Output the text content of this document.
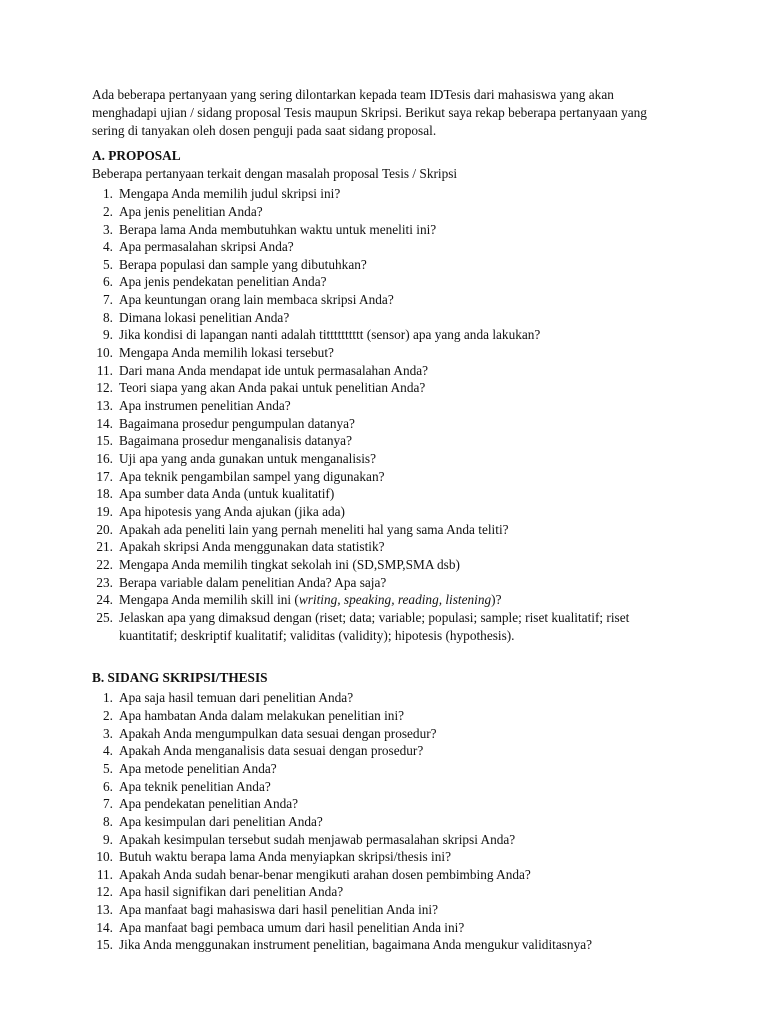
Ada beberapa pertanyaan yang sering dilontarkan kepada team IDTesis dari mahasiswa yang akan menghadapi ujian / sidang proposal Tesis maupun Skripsi. Berikut saya rekap beberapa pertanyaan yang sering di tanyakan oleh dosen penguji pada saat sidang proposal.

A. PROPOSAL

Beberapa pertanyaan terkait dengan masalah proposal Tesis / Skripsi

1 . Mengapa Anda memilih judul skripsi ini?
2 . Apa jenis penelitian Anda?
3 . Berapa lama Anda membutuhkan waktu untuk meneliti ini?
4 . Apa permasalahan skripsi Anda?
5 . Berapa populasi dan sample yang dibutuhkan?
6 . Apa jenis pendekatan penelitian Anda?
7 . Apa keuntungan orang lain membaca skripsi Anda?
8 . Dimana lokasi penelitian Anda?
9 . Jika kondisi di lapangan nanti adalah titttttttttt (sensor) apa yang anda lakukan?
10 . Mengapa Anda memilih lokasi tersebut?
11 . Dari mana Anda mendapat ide untuk permasalahan Anda?
12 . Teori siapa yang akan Anda pakai untuk penelitian Anda?
13 . Apa instrumen penelitian Anda?
14 . Bagaimana prosedur pengumpulan datanya?
15 . Bagaimana prosedur menganalisis datanya?
16 . Uji apa yang anda gunakan untuk menganalisis?
17 . Apa teknik pengambilan sampel yang digunakan?
18 . Apa sumber data Anda (untuk kualitatif)
19 . Apa hipotesis yang Anda ajukan (jika ada)
20 . Apakah ada peneliti lain yang pernah meneliti hal yang sama Anda teliti?
21 . Apakah skripsi Anda menggunakan data statistik?
22 . Mengapa Anda memilih tingkat sekolah ini (SD,SMP,SMA dsb)
23 . Berapa variable dalam penelitian Anda? Apa saja?
24 . Mengapa Anda memilih skill ini (writing, speaking, reading, listening)?
25 . Jelaskan apa yang dimaksud dengan (riset; data; variable; populasi; sample; riset kualitatif; riset kuantitatif; deskriptif kualitatif; validitas (validity); hipotesis (hypothesis).
B. SIDANG SKRIPSI/THESIS
1 . Apa saja hasil temuan dari penelitian Anda?
2 . Apa hambatan Anda dalam melakukan penelitian ini?
3 . Apakah Anda mengumpulkan data sesuai dengan prosedur?
4 . Apakah Anda menganalisis data sesuai dengan prosedur?
5 . Apa metode penelitian Anda?
6 . Apa teknik penelitian Anda?
7 . Apa pendekatan penelitian Anda?
8 . Apa kesimpulan dari penelitian Anda?
9 . Apakah kesimpulan tersebut sudah menjawab permasalahan skripsi Anda?
10 . Butuh waktu berapa lama Anda menyiapkan skripsi/thesis ini?
11 . Apakah Anda sudah benar-benar mengikuti arahan dosen pembimbing Anda?
12 . Apa hasil signifikan dari penelitian Anda?
13 . Apa manfaat bagi mahasiswa dari hasil penelitian Anda ini?
14 . Apa manfaat bagi pembaca umum dari hasil penelitian Anda ini?
15 . Jika Anda menggunakan instrument penelitian, bagaimana Anda mengukur validitasnya?
